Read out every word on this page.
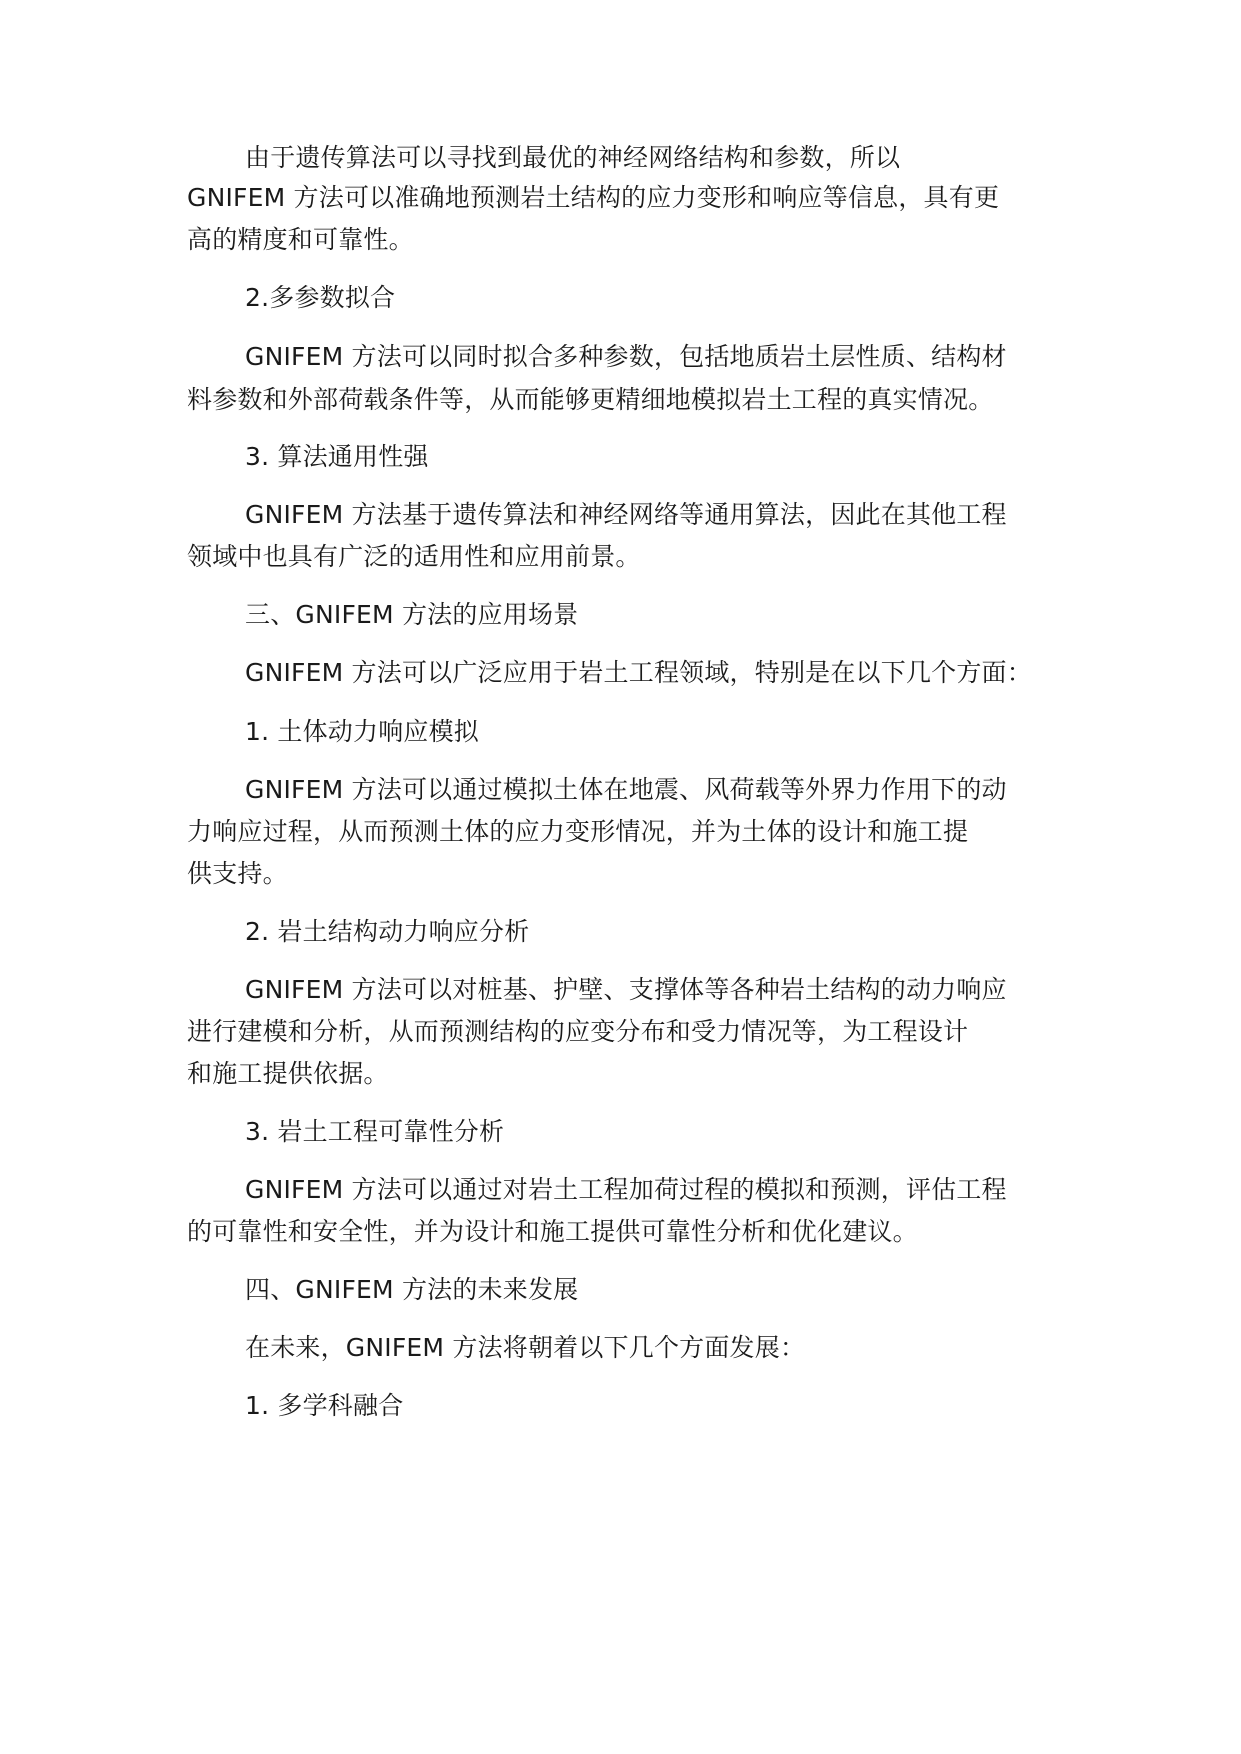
由于遗传算法可以寻找到最优的神经网络结构和参数，所以
GNIFEM 方法可以准确地预测岩土结构的应力变形和响应等信息，具有更
高的精度和可靠性。
2.多参数拟合
GNIFEM 方法可以同时拟合多种参数，包括地质岩土层性质、结构材
料参数和外部荷载条件等，从而能够更精细地模拟岩土工程的真实情况。
3. 算法通用性强
GNIFEM 方法基于遗传算法和神经网络等通用算法，因此在其他工程
领域中也具有广泛的适用性和应用前景。
三、GNIFEM 方法的应用场景
GNIFEM 方法可以广泛应用于岩土工程领域，特别是在以下几个方面：
1. 土体动力响应模拟
GNIFEM 方法可以通过模拟土体在地震、风荷载等外界力作用下的动
力响应过程，从而预测土体的应力变形情况，并为土体的设计和施工提
供支持。
2. 岩土结构动力响应分析
GNIFEM 方法可以对桩基、护壁、支撑体等各种岩土结构的动力响应
进行建模和分析，从而预测结构的应变分布和受力情况等，为工程设计
和施工提供依据。
3. 岩土工程可靠性分析
GNIFEM 方法可以通过对岩土工程加荷过程的模拟和预测，评估工程
的可靠性和安全性，并为设计和施工提供可靠性分析和优化建议。
四、GNIFEM 方法的未来发展
在未来，GNIFEM 方法将朝着以下几个方面发展：
1. 多学科融合
